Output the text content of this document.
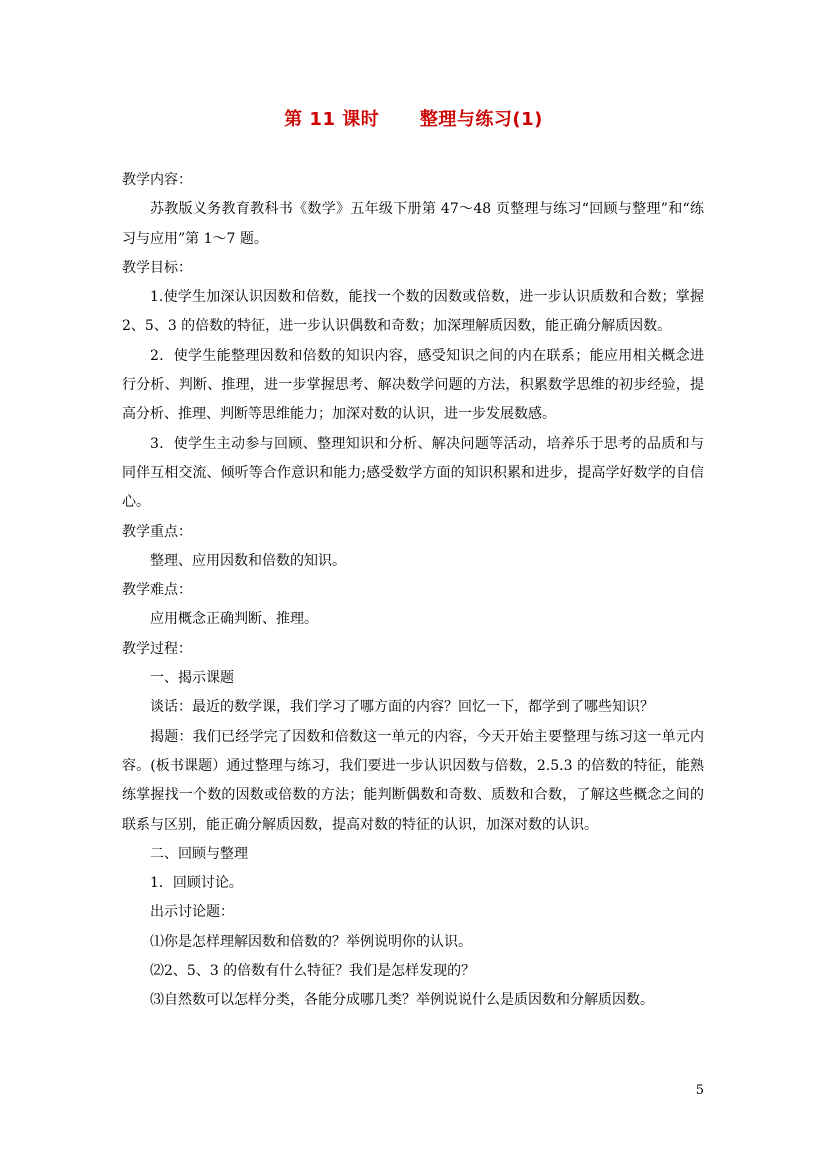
第 11 课时 整理与练习(1)

教学内容：

苏教版义务教育教科书《数学》五年级下册第 47～48 页整理与练习“回顾与整理”和“练习与应用”第 1～7 题。

教学目标：

1.使学生加深认识因数和倍数，能找一个数的因数或倍数，进一步认识质数和合数；掌握 2、5、3 的倍数的特征，进一步认识偶数和奇数；加深理解质因数，能正确分解质因数。

2．使学生能整理因数和倍数的知识内容，感受知识之间的内在联系；能应用相关概念进行分析、判断、推理，进一步掌握思考、解决数学问题的方法，积累数学思维的初步经验，提高分析、推理、判断等思维能力；加深对数的认识，进一步发展数感。

3．使学生主动参与回顾、整理知识和分析、解决问题等活动，培养乐于思考的品质和与同伴互相交流、倾听等合作意识和能力;感受数学方面的知识积累和进步，提高学好数学的自信心。

教学重点：

整理、应用因数和倍数的知识。

教学难点：

应用概念正确判断、推理。

教学过程：

一、揭示课题

谈话：最近的数学课，我们学习了哪方面的内容？回忆一下，都学到了哪些知识？

揭题：我们已经学完了因数和倍数这一单元的内容，今天开始主要整理与练习这一单元内容。(板书课题）通过整理与练习，我们要进一步认识因数与倍数，2.5.3 的倍数的特征，能熟练掌握找一个数的因数或倍数的方法；能判断偶数和奇数、质数和合数，了解这些概念之间的联系与区别，能正确分解质因数，提高对数的特征的认识，加深对数的认识。

二、回顾与整理

1．回顾讨论。

出示讨论题：

⑴你是怎样理解因数和倍数的？举例说明你的认识。

⑵2、5、3 的倍数有什么特征？我们是怎样发现的？

⑶自然数可以怎样分类，各能分成哪几类？举例说说什么是质因数和分解质因数。

5
